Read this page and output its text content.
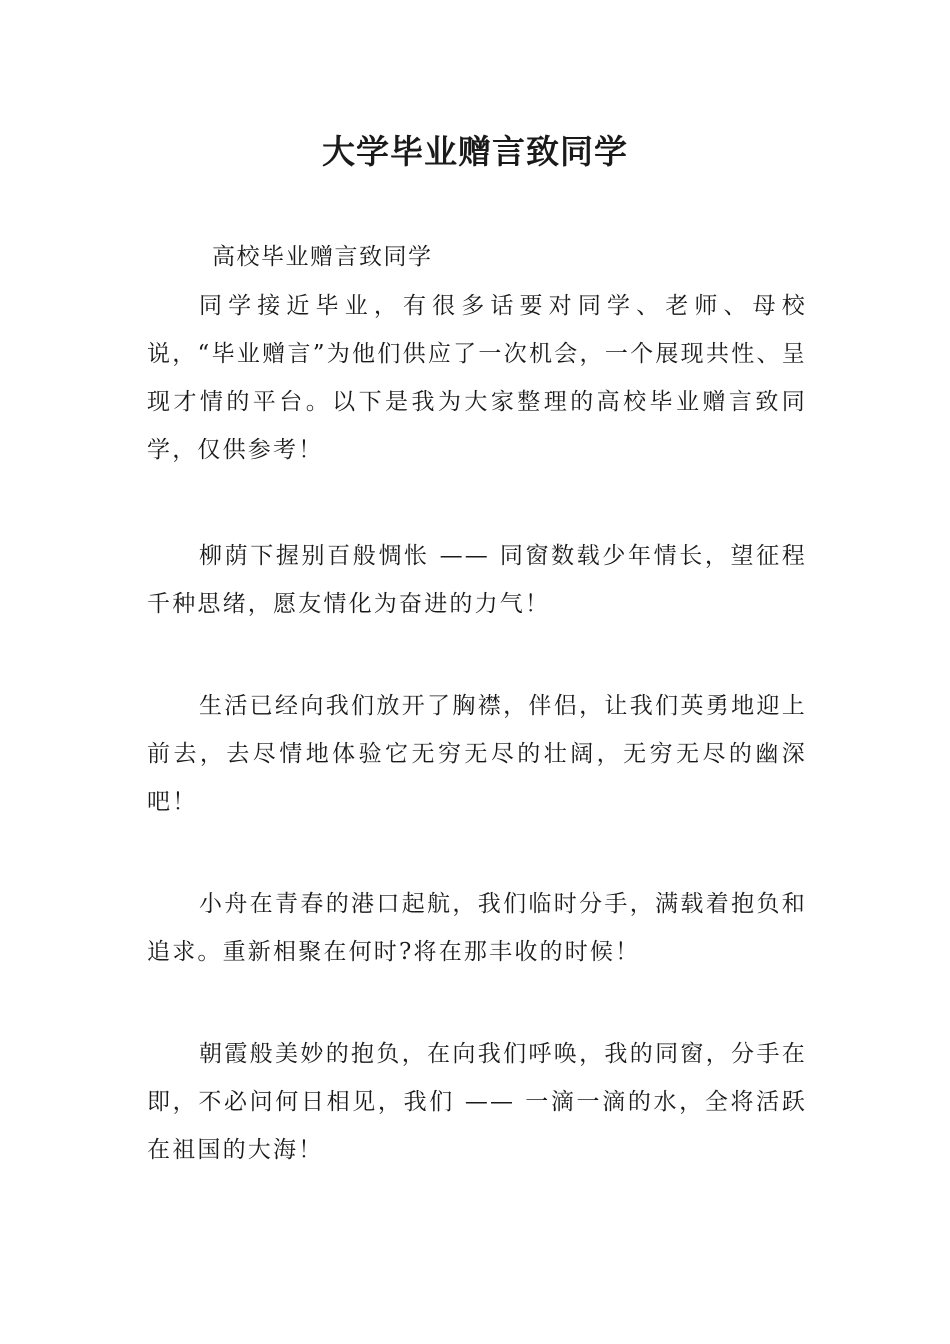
大学毕业赠言致同学

高校毕业赠言致同学

同学接近毕业，有很多话要对同学、老师、母校说，“毕业赠言”为他们供应了一次机会，一个展现共性、呈现才情的平台。以下是我为大家整理的高校毕业赠言致同学，仅供参考！

柳荫下握别百般惆怅 —— 同窗数载少年情长，望征程千种思绪，愿友情化为奋进的力气！

生活已经向我们放开了胸襟，伴侣，让我们英勇地迎上前去，去尽情地体验它无穷无尽的壮阔，无穷无尽的幽深吧！

小舟在青春的港口起航，我们临时分手，满载着抱负和追求。重新相聚在何时?将在那丰收的时候！

朝霞般美妙的抱负，在向我们呼唤，我的同窗，分手在即，不必问何日相见，我们 —— 一滴一滴的水，全将活跃在祖国的大海！
